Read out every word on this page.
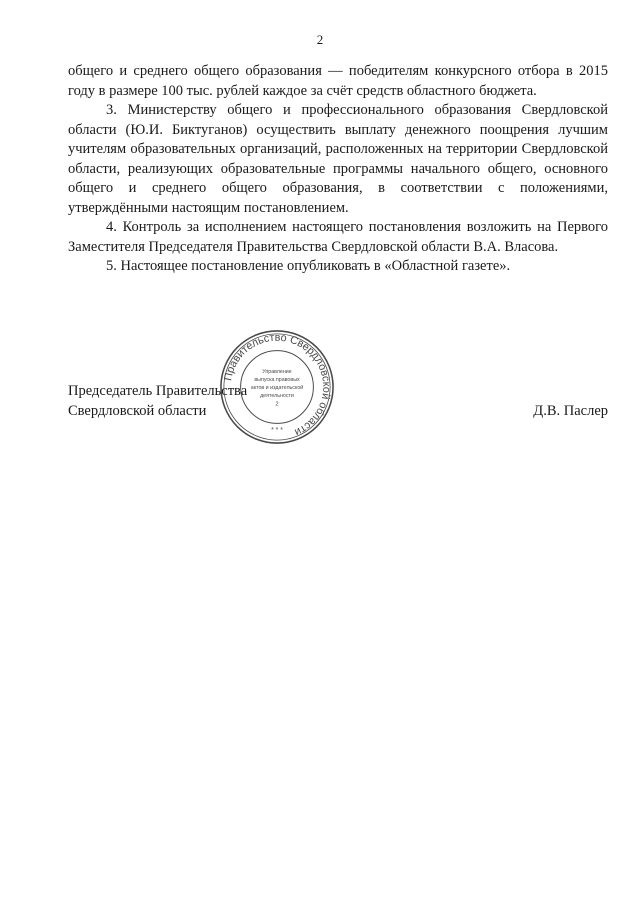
2

общего и среднего общего образования — победителям конкурсного отбора в 2015 году в размере 100 тыс. рублей каждое за счёт средств областного бюджета.

3. Министерству общего и профессионального образования Свердловской области (Ю.И. Биктуганов) осуществить выплату денежного поощрения лучшим учителям образовательных организаций, расположенных на территории Свердловской области, реализующих образовательные программы начального общего, основного общего и среднего общего образования, в соответствии с положениями, утверждёнными настоящим постановлением.

4. Контроль за исполнением настоящего постановления возложить на Первого Заместителя Председателя Правительства Свердловской области В.А. Власова.

5. Настоящее постановление опубликовать в «Областной газете».

Председатель Правительства
Свердловской области	Д.В. Паслер
Правительство Свердловской области
Управление
выпуска правовых
актов и издательской
деятельности
2
* * *
